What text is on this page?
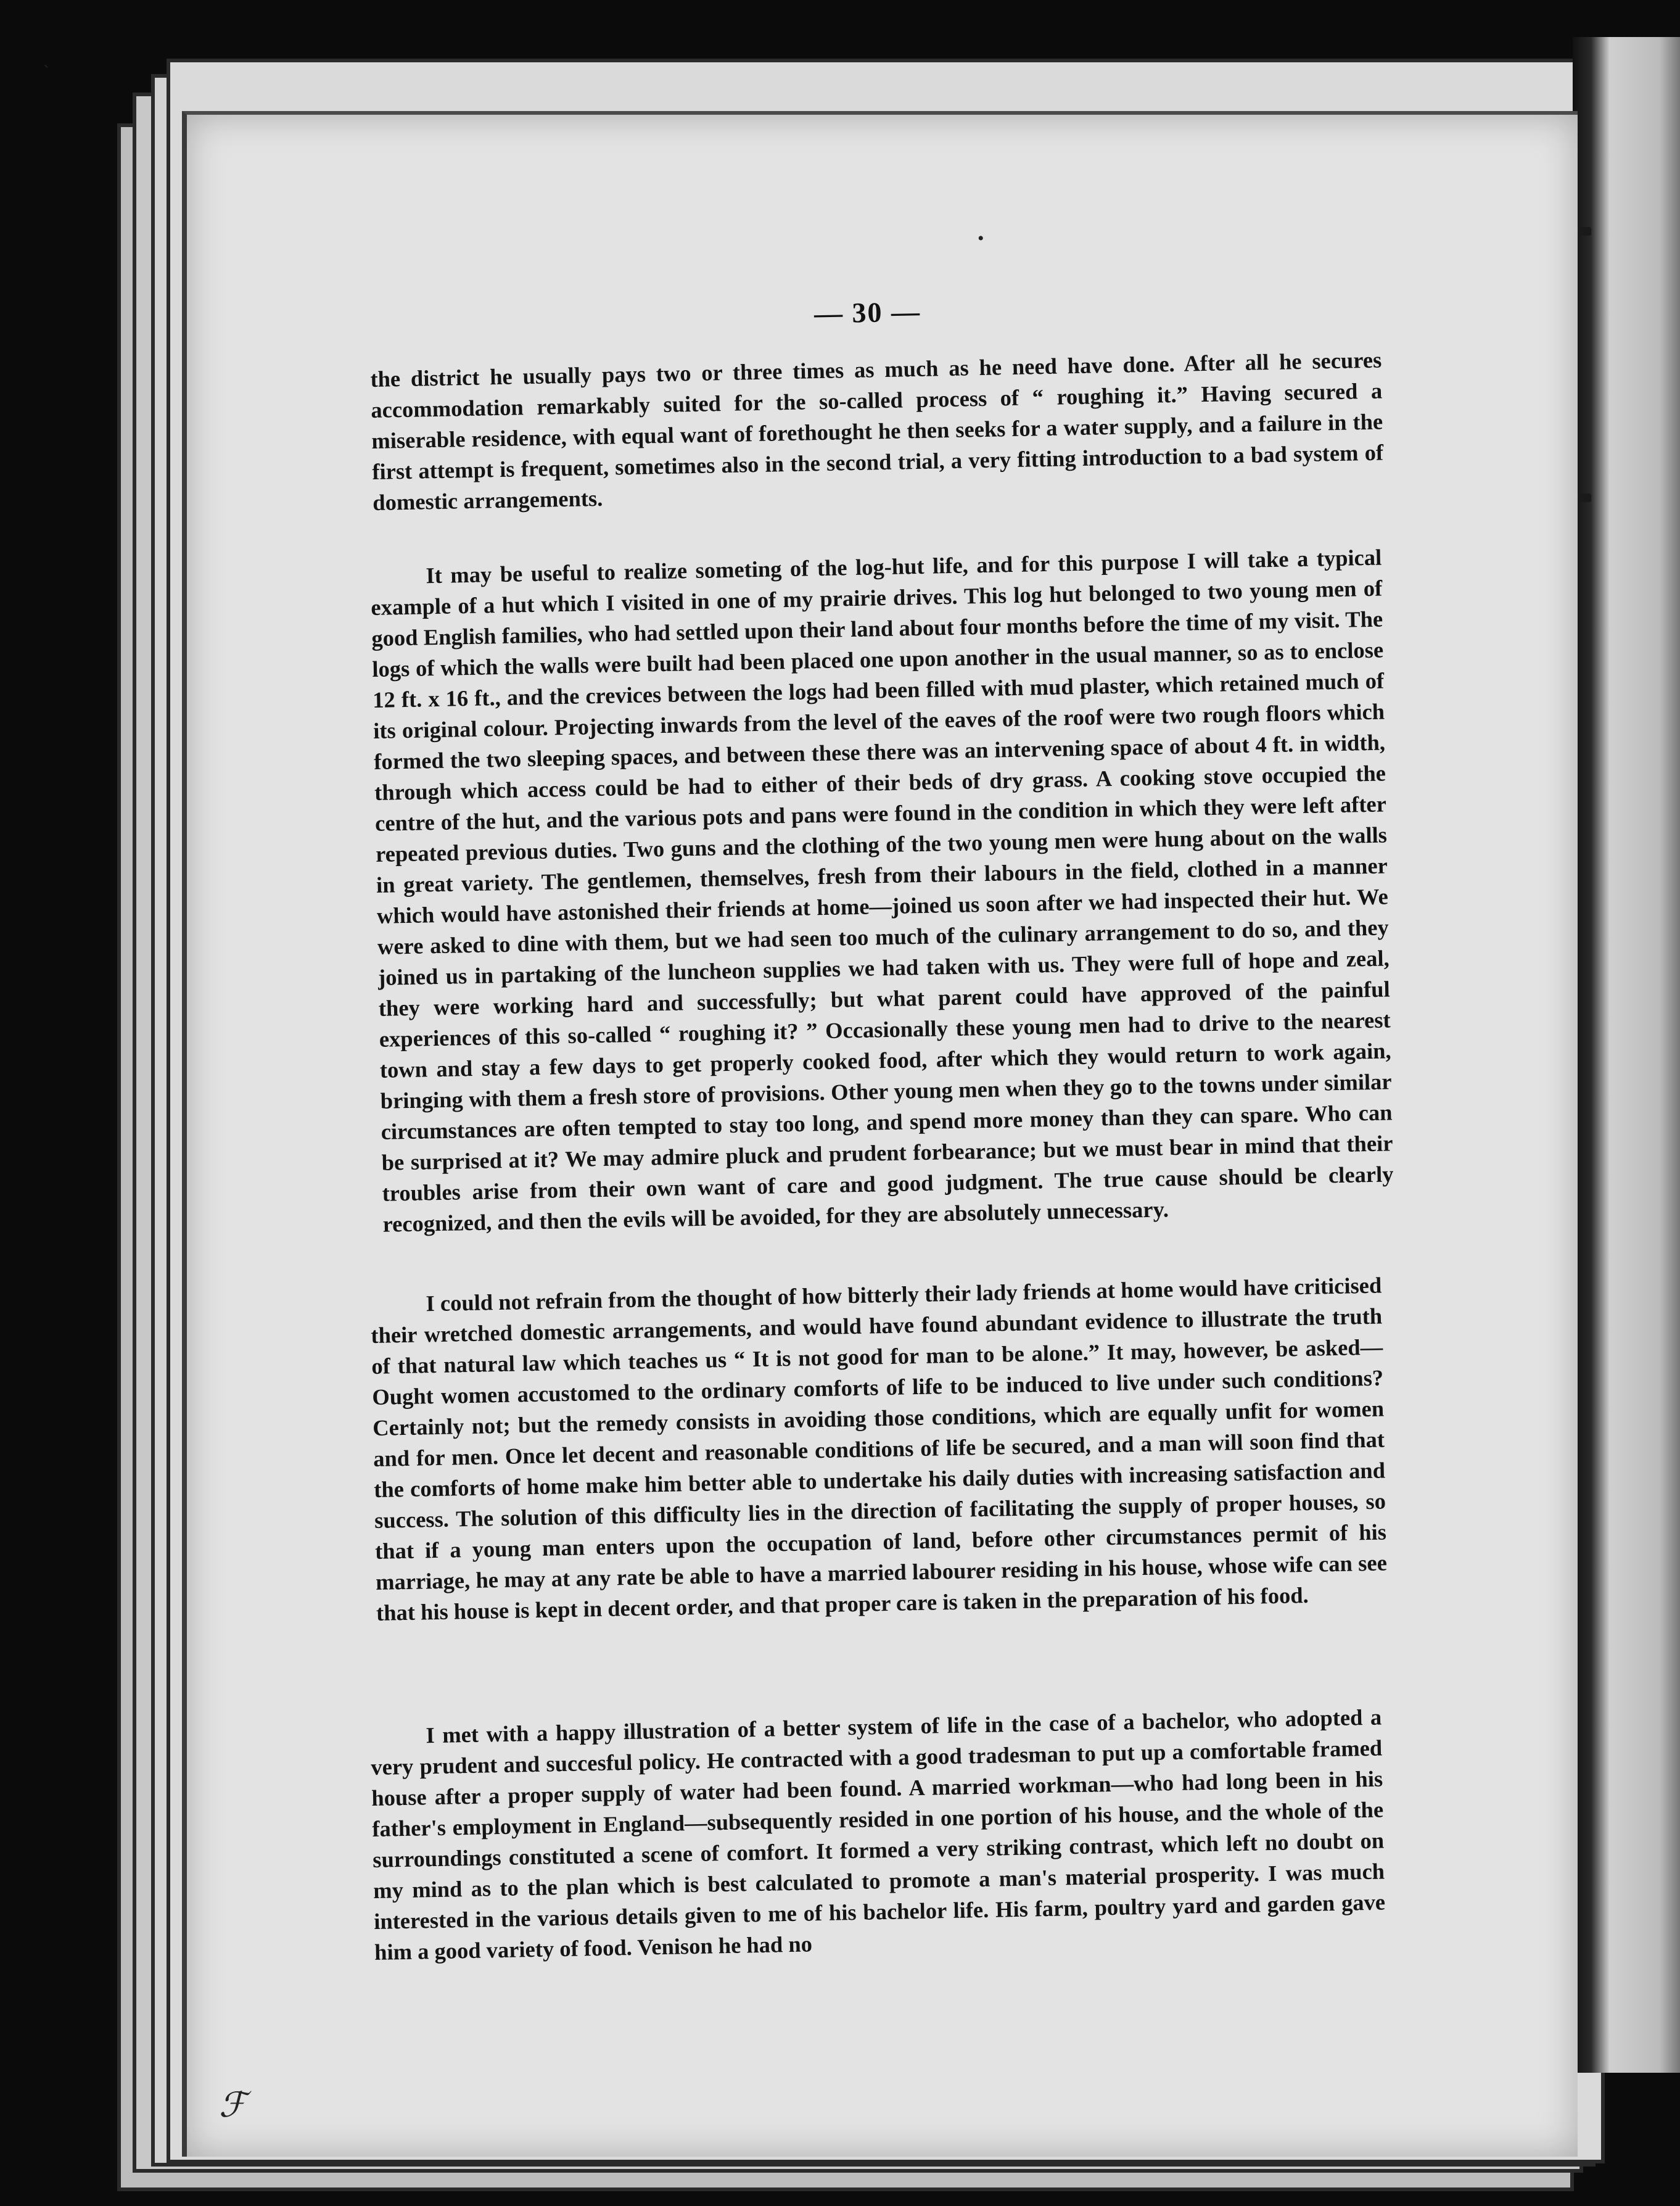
— 30 —

the district he usually pays two or three times as much as he need have done. After all he secures accommodation remarkably suited for the so-called process of “ roughing it.” Having secured a miserable residence, with equal want of forethought he then seeks for a water supply, and a failure in the first attempt is frequent, sometimes also in the second trial, a very fitting introduction to a bad system of domestic arrangements.

It may be useful to realize someting of the log-hut life, and for this purpose I will take a typical example of a hut which I visited in one of my prairie drives. This log hut belonged to two young men of good English families, who had settled upon their land about four months before the time of my visit. The logs of which the walls were built had been placed one upon another in the usual manner, so as to enclose 12 ft. x 16 ft., and the crevices between the logs had been filled with mud plaster, which retained much of its original colour. Projecting inwards from the level of the eaves of the roof were two rough floors which formed the two sleeping spaces, and between these there was an intervening space of about 4 ft. in width, through which access could be had to either of their beds of dry grass. A cooking stove occupied the centre of the hut, and the various pots and pans were found in the condition in which they were left after repeated previous duties. Two guns and the clothing of the two young men were hung about on the walls in great variety. The gentlemen, themselves, fresh from their labours in the field, clothed in a manner which would have astonished their friends at home—joined us soon after we had inspected their hut. We were asked to dine with them, but we had seen too much of the culinary arrangement to do so, and they joined us in partaking of the luncheon supplies we had taken with us. They were full of hope and zeal, they were working hard and successfully; but what parent could have approved of the painful experiences of this so-called “ roughing it? ” Occasionally these young men had to drive to the nearest town and stay a few days to get properly cooked food, after which they would return to work again, bringing with them a fresh store of provisions. Other young men when they go to the towns under similar circumstances are often tempted to stay too long, and spend more money than they can spare. Who can be surprised at it? We may admire pluck and prudent forbearance; but we must bear in mind that their troubles arise from their own want of care and good judgment. The true cause should be clearly recognized, and then the evils will be avoided, for they are absolutely unnecessary.

I could not refrain from the thought of how bitterly their lady friends at home would have criticised their wretched domestic arrangements, and would have found abundant evidence to illustrate the truth of that natural law which teaches us “ It is not good for man to be alone.” It may, however, be asked—Ought women accustomed to the ordinary comforts of life to be induced to live under such conditions? Certainly not; but the remedy consists in avoiding those conditions, which are equally unfit for women and for men. Once let decent and reasonable conditions of life be secured, and a man will soon find that the comforts of home make him better able to undertake his daily duties with increasing satisfaction and success. The solution of this difficulty lies in the direction of facilitating the supply of proper houses, so that if a young man enters upon the occupation of land, before other circumstances permit of his marriage, he may at any rate be able to have a married labourer residing in his house, whose wife can see that his house is kept in decent order, and that proper care is taken in the preparation of his food.

I met with a happy illustration of a better system of life in the case of a bachelor, who adopted a very prudent and succesful policy. He contracted with a good tradesman to put up a comfortable framed house after a proper supply of water had been found. A married workman—who had long been in his father's employment in England—subsequently resided in one portion of his house, and the whole of the surroundings constituted a scene of comfort. It formed a very striking contrast, which left no doubt on my mind as to the plan which is best calculated to promote a man's material prosperity. I was much interested in the various details given to me of his bachelor life. His farm, poultry yard and garden gave him a good variety of food. Venison he had no

ˋ
•
ℱ
